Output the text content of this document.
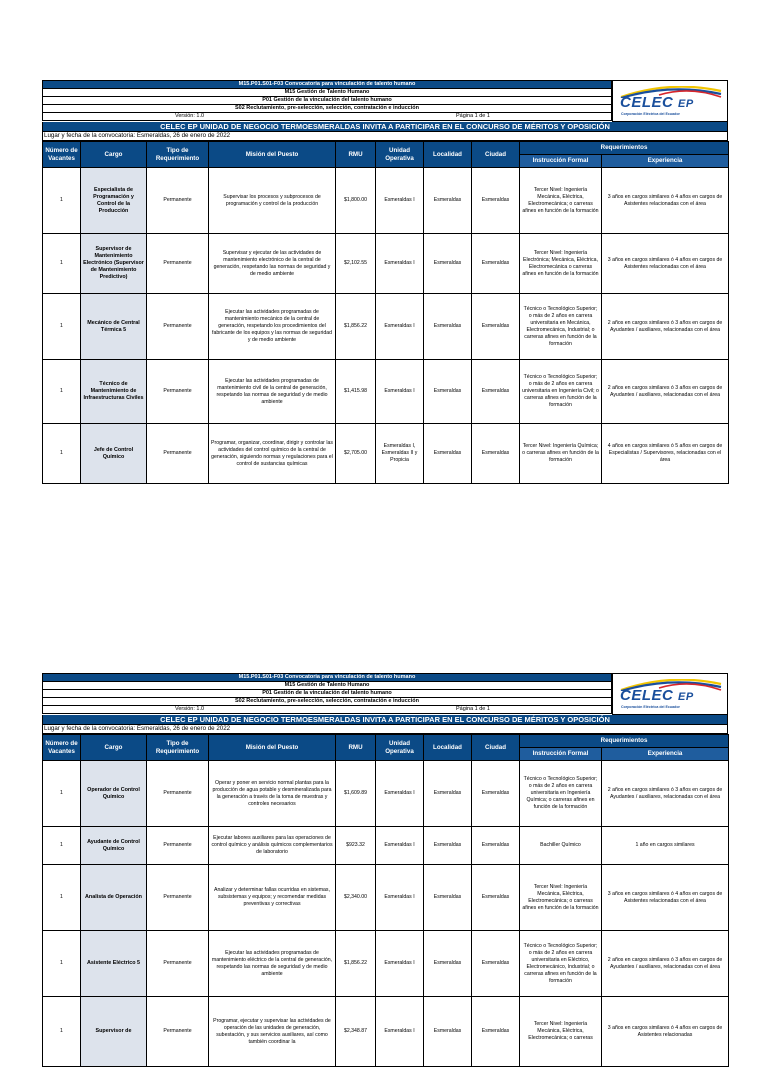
M15.P01.S01-F03 Convocatoria para vinculación de talento humano
M15 Gestión de Talento Humano
P01 Gestión de la vinculación del talento humano
S02 Reclutamiento, pre-selección, selección, contratación e inducción
Versión: 1.0	Página 1 de 1
CELEC EP
Corporación Eléctrica del Ecuador
CELEC EP UNIDAD DE NEGOCIO TERMOESMERALDAS INVITA A PARTICIPAR EN EL CONCURSO DE MÉRITOS Y OPOSICIÓN
Lugar y fecha de la convocatoria: Esmeraldas, 26 de enero de 2022
Número de Vacantes	Cargo	Tipo de Requerimiento	Misión del Puesto	RMU	Unidad Operativa	Localidad	Ciudad	Requerimientos	
								Instrucción Formal	Experiencia
1	Especialista de Programación y Control de la Producción	Permanente	Supervisar los procesos y subprocesos de programación y control de la producción	$1,800.00	Esmeraldas I	Esmeraldas	Esmeraldas	Tercer Nivel: Ingeniería Mecánica, Eléctrica, Electromecánica; o carreras afines en función de la formación	3 años en cargos similares ó 4 años en cargos de Asistentes relacionadas con el área
1	Supervisor de Mantenimiento Electrónico (Supervisor de Mantenimiento Predictivo)	Permanente	Supervisar y ejecutar de las actividades de mantenimiento electrónico de la central de generación, respetando las normas de seguridad y de medio ambiente	$2,102.55	Esmeraldas I	Esmeraldas	Esmeraldas	Tercer Nivel: Ingeniería Electrónica; Mecánica, Eléctrica, Electromecánica o carreras afines en función de la formación	3 años en cargos similares ó 4 años en cargos de Asistentes relacionadas con el área
1	Mecánico de Central Térmica 5	Permanente	Ejecutar las actividades programadas de mantenimiento mecánico de la central de generación, respetando los procedimientos del fabricante de los equipos y las normas de seguridad y de medio ambiente	$1,856.22	Esmeraldas I	Esmeraldas	Esmeraldas	Técnico o Tecnológico Superior; o más de 2 años en carrera universitaria en Mecánica, Electromecánica, Industrial; o carreras afines en función de la formación	2 años en cargos similares ó 3 años en cargos de Ayudantes / auxiliares, relacionadas con el área
1	Técnico de Mantenimiento de Infraestructuras Civiles	Permanente	Ejecutar las actividades programadas de mantenimiento civil de la central de generación, respetando las normas de seguridad y de medio ambiente	$1,415.98	Esmeraldas I	Esmeraldas	Esmeraldas	Técnico o Tecnológico Superior; o más de 2 años en carrera universitaria en Ingeniería Civil; o carreras afines en función de la formación	2 años en cargos similares ó 3 años en cargos de Ayudantes / auxiliares, relacionadas con el área
1	Jefe de Control Químico	Permanente	Programar, organizar, coordinar, dirigir y controlar las actividades del control químico de la central de generación, siguiendo normas y regulaciones para el control de sustancias químicas	$2,705.00	Esmeraldas I, Esmeraldas II y Propicia	Esmeraldas	Esmeraldas	Tercer Nivel: Ingeniería Química; o carreras afines en función de la formación	4 años en cargos similares ó 5 años en cargos de Especialistas / Supervisores, relacionadas con el área
M15.P01.S01-F03 Convocatoria para vinculación de talento humano
M15 Gestión de Talento Humano
P01 Gestión de la vinculación del talento humano
S02 Reclutamiento, pre-selección, selección, contratación e inducción
Versión: 1.0	Página 1 de 1
CELEC EP
Corporación Eléctrica del Ecuador
CELEC EP UNIDAD DE NEGOCIO TERMOESMERALDAS INVITA A PARTICIPAR EN EL CONCURSO DE MÉRITOS Y OPOSICIÓN
Lugar y fecha de la convocatoria: Esmeraldas, 26 de enero de 2022
Número de Vacantes	Cargo	Tipo de Requerimiento	Misión del Puesto	RMU	Unidad Operativa	Localidad	Ciudad	Requerimientos	
								Instrucción Formal	Experiencia
1	Operador de Control Químico	Permanente	Operar y poner en servicio normal plantas para la producción de agua potable y desmineralizada para la generación a través de la toma de muestras y controles necesarios	$1,609.89	Esmeraldas I	Esmeraldas	Esmeraldas	Técnico o Tecnológico Superior; o más de 2 años en carrera universitaria en Ingeniería Química; o carreras afines en función de la formación	2 años en cargos similares ó 3 años en cargos de Ayudantes / auxiliares, relacionadas con el área
1	Ayudante de Control Químico	Permanente	Ejecutar labores auxiliares para las operaciones de control químico y análisis químicos complementarios de laboratorio	$923.32	Esmeraldas I	Esmeraldas	Esmeraldas	Bachiller Químico	1 año en cargos similares
1	Analista de Operación	Permanente	Analizar y determinar fallas ocurridas en sistemas, subsistemas y equipos; y recomendar medidas preventivas y correctivas	$2,340.00	Esmeraldas I	Esmeraldas	Esmeraldas	Tercer Nivel: Ingeniería Mecánica, Eléctrica, Electromecánica; o carreras afines en función de la formación	3 años en cargos similares ó 4 años en cargos de Asistentes relacionadas con el área
1	Asistente Eléctrico 5	Permanente	Ejecutar las actividades programadas de mantenimiento eléctrico de la central de generación, respetando las normas de seguridad y de medio ambiente	$1,856.22	Esmeraldas I	Esmeraldas	Esmeraldas	Técnico o Tecnológico Superior; o más de 2 años en carrera universitaria en Eléctrico, Electromecánico, Industrial; o carreras afines en función de la formación	2 años en cargos similares ó 3 años en cargos de Ayudantes / auxiliares, relacionadas con el área
1	Supervisor de	Permanente	Programar, ejecutar y supervisar las actividades de operación de las unidades de generación, subestación, y sus servicios auxiliares, así como también coordinar la	$2,348.87	Esmeraldas I	Esmeraldas	Esmeraldas	Tercer Nivel: Ingeniería Mecánica, Eléctrica, Electromecánica; o carreras	3 años en cargos similares ó 4 años en cargos de Asistentes relacionadas
